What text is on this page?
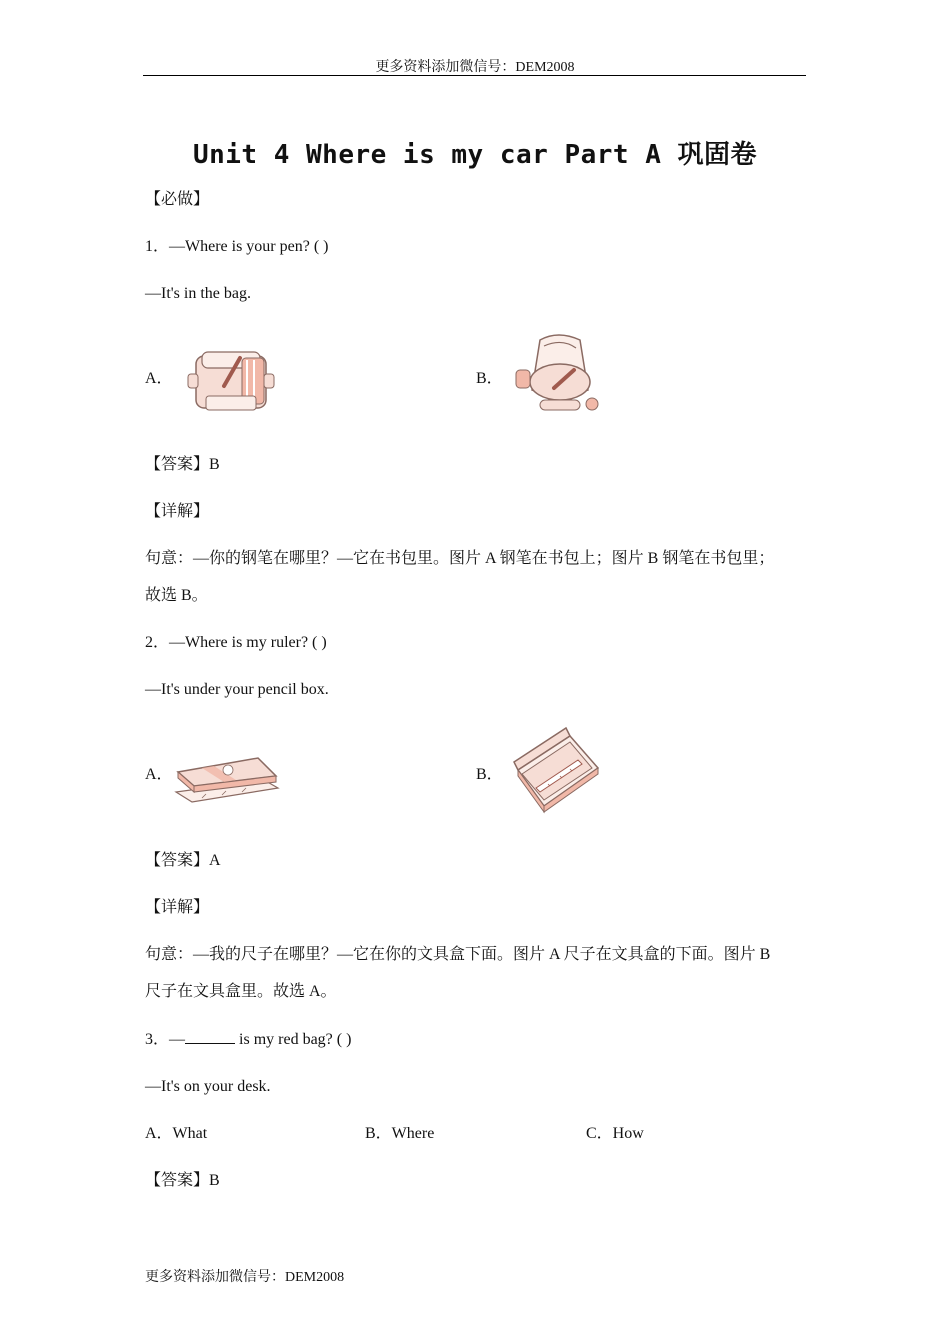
更多资料添加微信号：DEM2008
Unit 4 Where is my car Part A 巩固卷
【必做】
1．—Where is your pen? ( )
—It's in the bag.
A．	B．
【答案】B
【详解】
句意：—你的钢笔在哪里？—它在书包里。图片 A 钢笔在书包上；图片 B 钢笔在书包里；
故选 B。
2．—Where is my ruler? ( )
—It's under your pencil box.
A．	B．
【答案】A
【详解】
句意：—我的尺子在哪里？—它在你的文具盒下面。图片 A 尺子在文具盒的下面。图片 B
尺子在文具盒里。故选 A。
3．—	is my red bag? ( )
—It's on your desk.
A．What	B．Where	C．How
【答案】B
更多资料添加微信号：DEM2008
